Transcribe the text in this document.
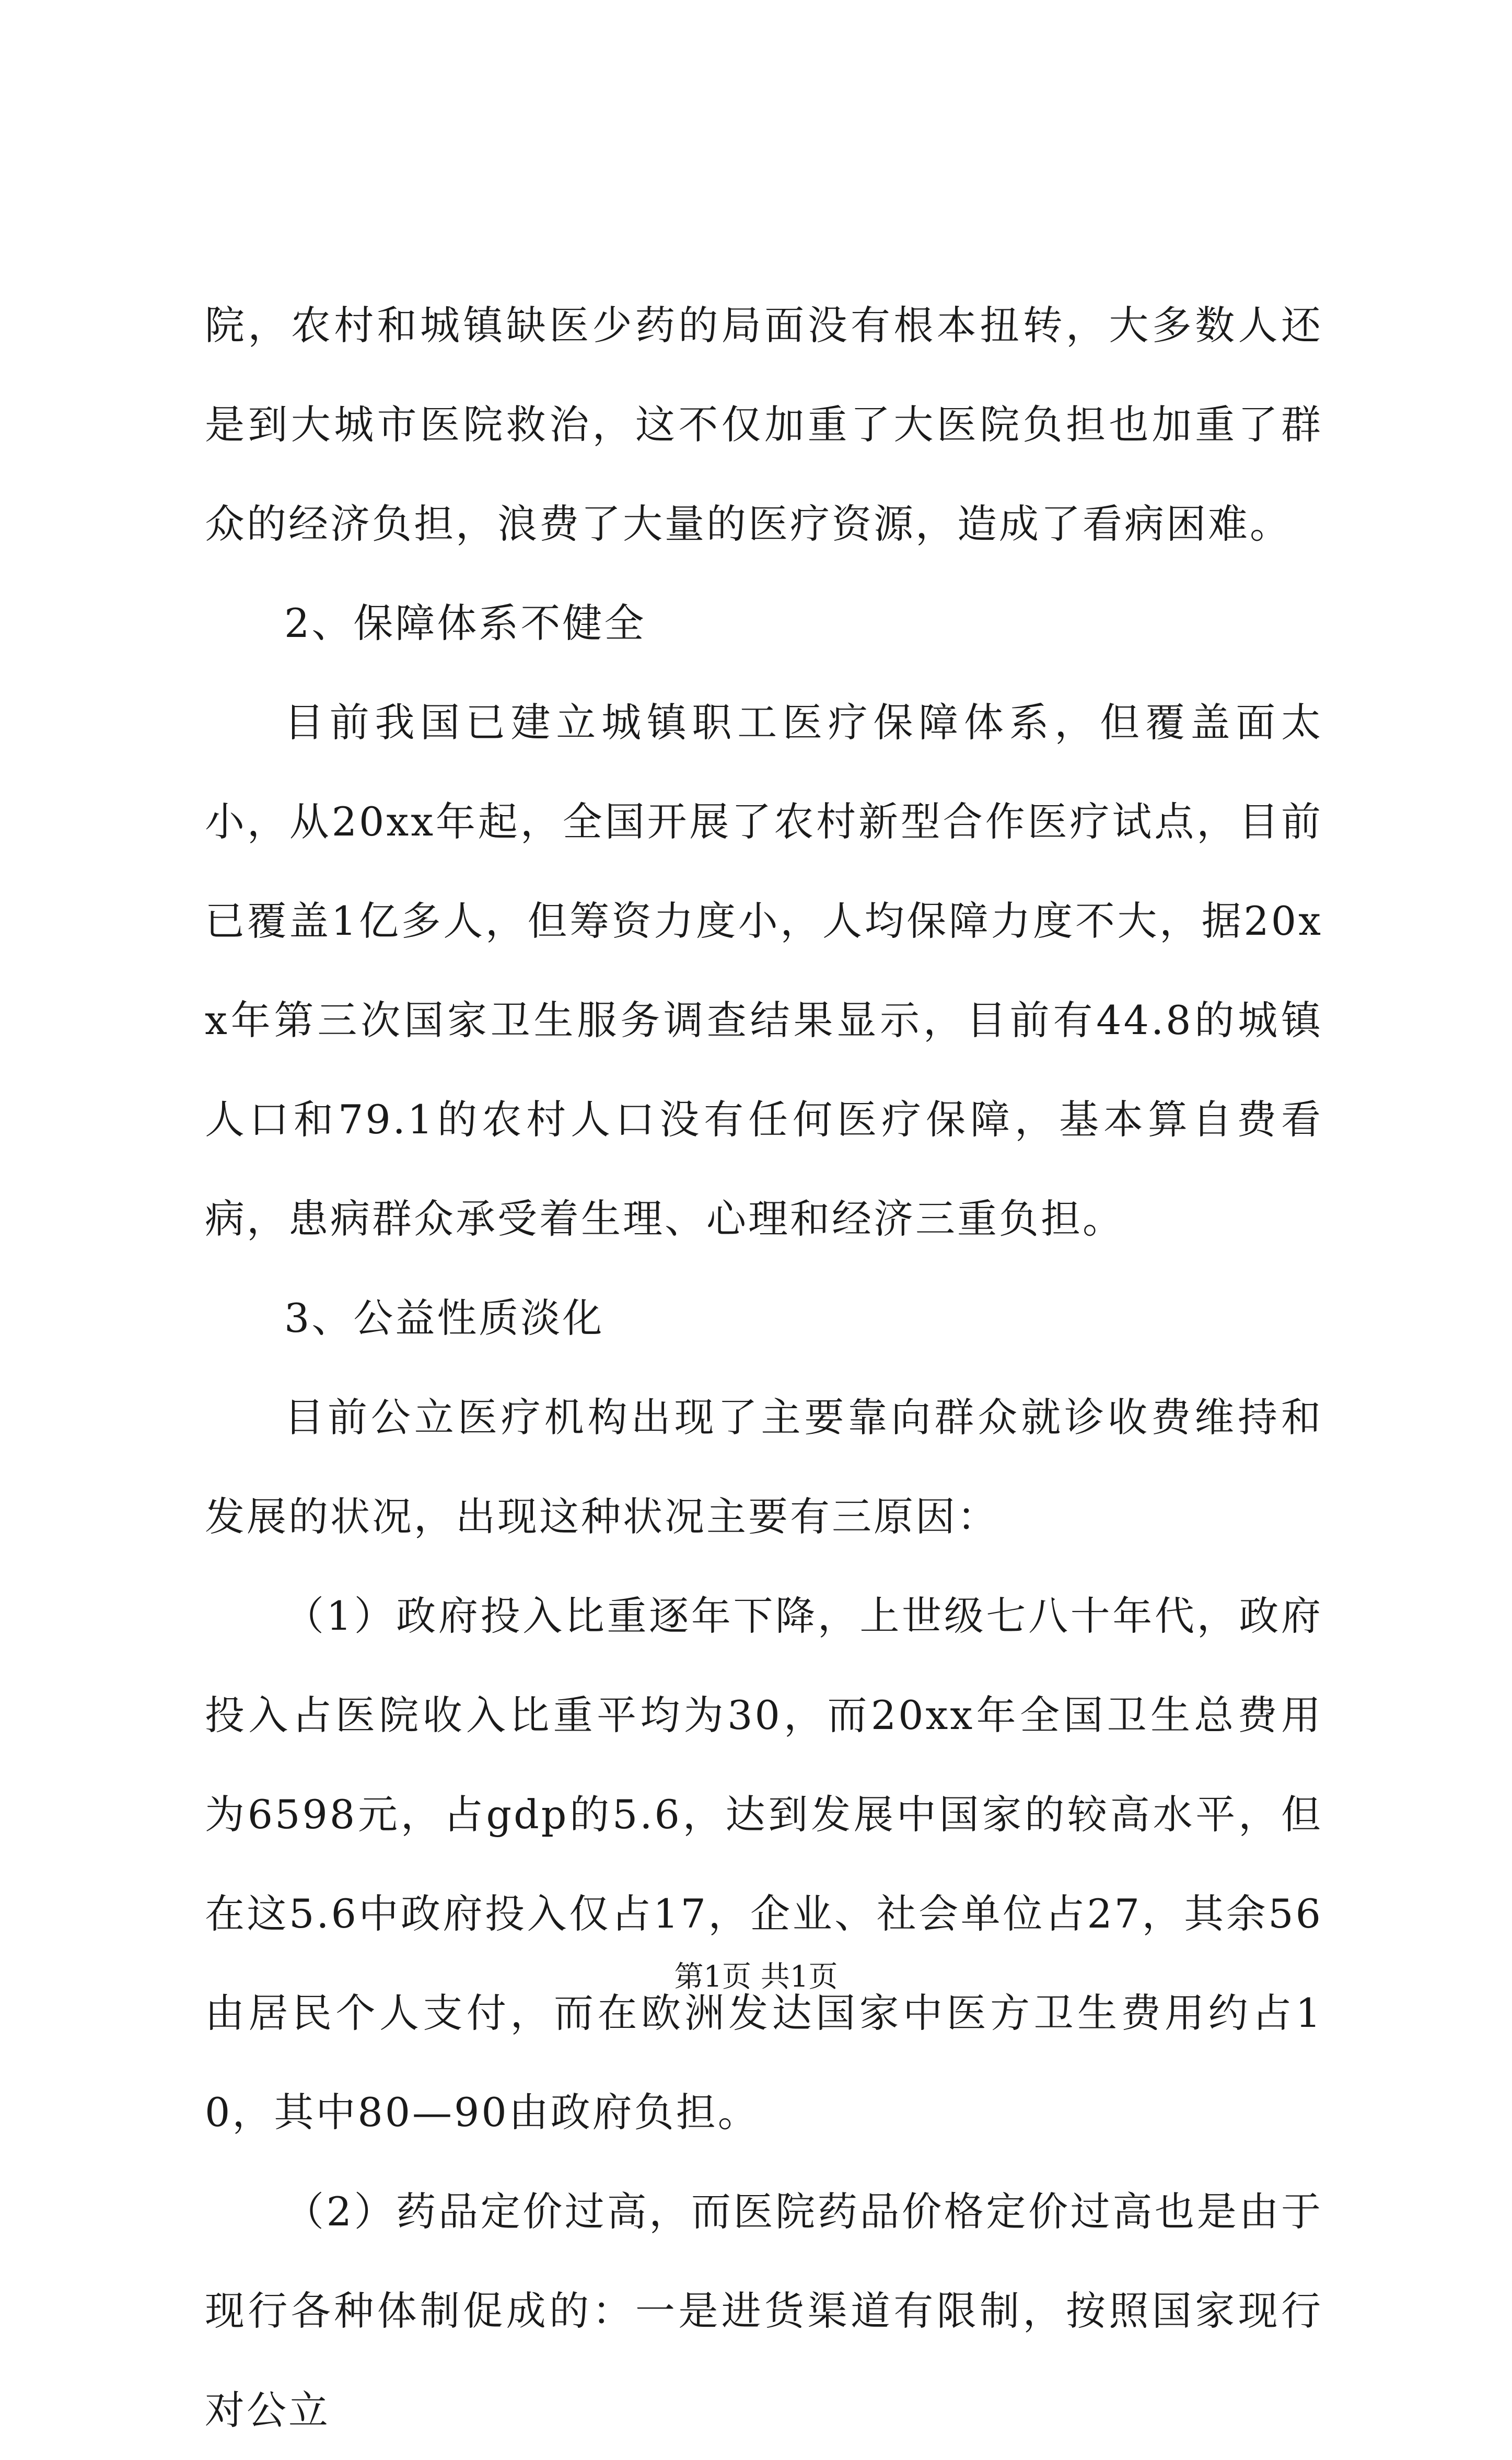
院，农村和城镇缺医少药的局面没有根本扭转，大多数人还是到大城市医院救治，这不仅加重了大医院负担也加重了群众的经济负担，浪费了大量的医疗资源，造成了看病困难。

2、保障体系不健全

目前我国已建立城镇职工医疗保障体系，但覆盖面太小，从20xx年起，全国开展了农村新型合作医疗试点，目前已覆盖1亿多人，但筹资力度小，人均保障力度不大，据20xx年第三次国家卫生服务调查结果显示，目前有44.8的城镇人口和79.1的农村人口没有任何医疗保障，基本算自费看病，患病群众承受着生理、心理和经济三重负担。

3、公益性质淡化

目前公立医疗机构出现了主要靠向群众就诊收费维持和发展的状况，出现这种状况主要有三原因：

（1）政府投入比重逐年下降，上世级七八十年代，政府投入占医院收入比重平均为30，而20xx年全国卫生总费用为6598元，占gdp的5.6，达到发展中国家的较高水平，但在这5.6中政府投入仅占17，企业、社会单位占27，其余56由居民个人支付，而在欧洲发达国家中医方卫生费用约占10，其中80—90由政府负担。

（2）药品定价过高，而医院药品价格定价过高也是由于现行各种体制促成的：一是进货渠道有限制，按照国家现行对公立

第1页 共1页
